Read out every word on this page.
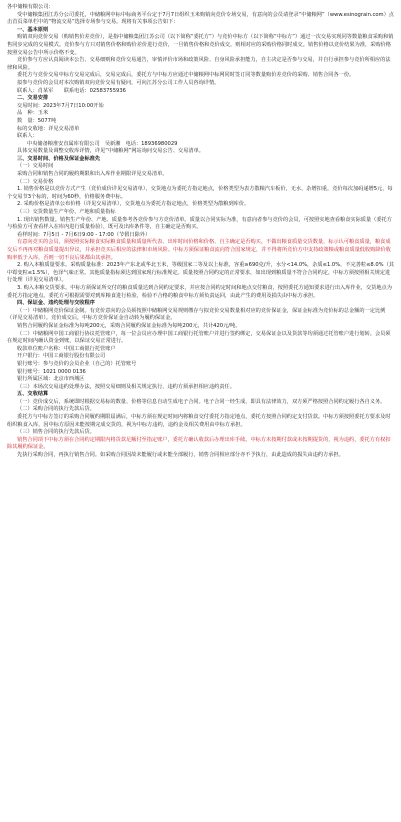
各中储粮有限公司：

受中储粮集团江苏分公司委托，中储粮网中标中标商务平台定于7月7日组织玉米购销向竞价专场交易，有意向的会员请登录“中储粮网”（www.esinograin.com）点击首页菜单栏中的“物流交易”选择专场参与交易。现将有关事项公告如下：

一、基本原则

购销双向竞价交易（购销售价差竞价），是指中储粮集团江苏公司（以下简称“委托方”）与竞价中标方（以下简称“中标方”）通过一次交易实现同等数量粮食采购和销售同步完成的交易模式。竞价参与方只对销售价格和购价差价进行竞价，一旦销售价格和竞价成交，则相对应的采购价格同时成交。销售价格以竞价结果为准，采购价格按照交易公告中所示价格不变。

竞价参与方应认真阅读本公告、交易细则和竞价交易通告，审慎评价市场和政策风险、自身风险承担能力，自主决定是否参与交易，并自行承担参与竞价所相应的法律和风险。

委托方与竞价交易中标方交易完成后，交易完成后，委托方与中标方应通过中储粮网中标网同时签订同等数量购价差竞价的采购、销售合同各一份。

拟参与竞价的会员对本次购销双向竞价交易有疑问，可向江苏分公司工作人员咨询详情。

联系人：肖某军　　联系电话：02583755936

二、交易安排

交易时间：2023年7月7日10:00开始

品　种：玉米

数　量：5077吨

标的交收地：详见交易清单

联系人：

中央储备粮淮安直属库有限公司　吴新湘　电话：18936980029

具体交易数量及调整交收库详情，详见“中储粮网”网站询问交易公告、交易清单。

三、交易时间、价格及保证金标准先

（一）交易时间

采购合同和销售合同的履约期限和出入库作业期限详见交易清单。

（二）交易价格

1. 销售价格是以竞价方式产生（竞价成价详见交易清单），交货地点为委托方指定地点，价格类型为表方散粮汽车板价，无水、杂增扣重。竞价每次加码递增5元，每个交易节3个标的，时间为60秒，价格服务费中标。

2. 采购价格是清单公布价格（详见交易清单），交货地点为委托方指定地点，价格类型为散粮到库价。

（三）交货数量生产年份、产地和质量指标

1. 现出销售数量。销售生产年份、产地、质量参考各竞价参与方竞价清单。质量以合同实际为准，有意向者参与竞价的会员，可按照实地查看粮食实际质量（委托方与检验方可查看样入在库内进行质量检验），既可及出库条件等，自主确定是否购买。

看样时间：7月5日 - 7月6日9:00 - 17:00（节假日除外）

有意向竞买的会员，须按照实际粮食实际粮食质量和质量所代表、出库时间价格和价格、自主确定是否购买。不做出粮食质量交货数量，标示认可粮食质量，粮食成交后不再再对粮食质量提出异议，并承担竞买后相应的法律和市场风险。中标方须保证粮食流向符合国家规定，并不得将所竞价方中支持政策粮或粮食质量低收购降价收购率低于入库，否则一切不良后果都由其承担。

2. 购入本粮质量要求。采购质量标准：2023年产东北或华北玉米，等级国家二等及以上标准，容重≥690克/升，水分<14.0%，杂质≤1.0%，不完善粒≤8.0%（其中霉变粒≤1.5%），色泽气味正常。其他质量指标须达到国家现行标准规定。质量按照合同约定的正常要求，如出现到粮质量不符合合同约定，中标方须按照相关规定进行处理（详见交易清单）。

3. 购入本粮交货要求。中标方须保证所交付的粮食质量达到合同约定要求，并应按合同约定时间和地点交付粮食，按照委托方通知要求进行出入库作业，交货地点为委托方指定地点。委托方可根据需要对到库粮食进行检验，检验不合格的粮食中标方须负责运回，由此产生的费用及损失由中标方承担。

四、保证金、违约处理与交收程序

（一）中储粮网竞价保证金制。有竞价意向的会员须按照中储粮网交易规则缴存与拟竞价交易数量相对应的竞价保证金，保证金标准为竞价标的总金额的一定比例（详见交易清单）。竞价成交后，中标方竞价保证金自动转为履约保证金。

销售合同履约保证金标准为每吨200元，采购合同履约保证金标准为每吨200元，共计420元/吨。

（二）中储粮网中国工商银行协议托管账户，每一位会员应办理中国工商银行托管账户并进行签约绑定，交易保证金以及货款等均须通过托管账户进行划转。会员须在规定时间内确认资金到账，以保证交易正常进行。

收款单位账户名称：中国工商银行托管账户

开户银行：中国工商银行股份有限公司

银行账号：参与竞价的会员企业（自己的）托管账号

银行账号：1021 0000 0136

银行所属区域：北京市西城区

（三）本场次交易违约处理办法，按照交易细则及相关规定执行，违约方须承担相应违约责任。

五、交收结算

（一）竞价成交后，系统即时根据交易标的数量、价格等信息自动生成电子合同。电子合同一经生成，即具有法律效力，双方须严格按照合同约定履行各自义务。

（二）采购合同的执行先款后货。

委托方与中标方签订的采购合同履约期限届满后，中标方须在规定时间内将粮食交付委托方指定地点，委托方按照合同约定支付货款。中标方须按照委托方要求及时组织粮食入库，因中标方原因未能按期完成交货的，视为中标方违约，违约金及相关费用由中标方承担。

（三）销售合同的执行先款后货。

销售合同项下中标方须在合同约定期限内将货款足额付至指定账户，委托方确认收款后办理出库手续。中标方未按期付款或未按期提货的，视为违约，委托方有权扣除其履约保证金。

先执行采购合同，再执行销售合同。如采购合同因故未能履行或未能全部履行，销售合同相应部分亦不予执行，由此造成的损失由违约方承担。
